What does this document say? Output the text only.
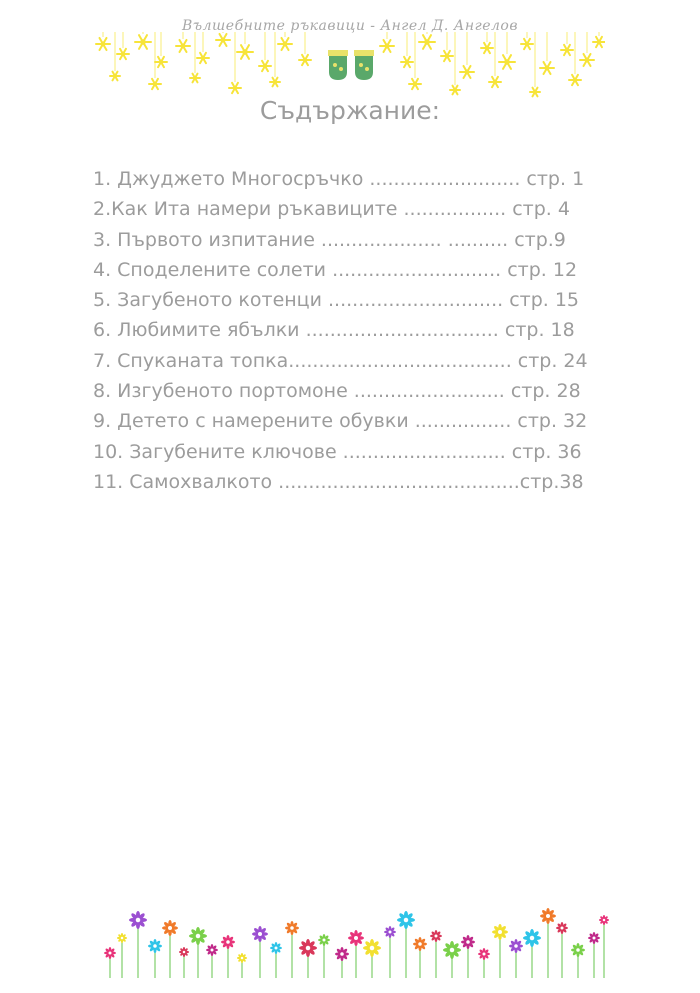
Вълшебните ръкавици - Ангел Д. Ангелов
Съдържание:
1. Джуджето Многосръчко ......................... стр. 1
2.Как Ита намери ръкавиците ................. стр. 4
3. Първото изпитание .................... .......... стр.9
4. Споделените солети ............................ стр. 12
5. Загубеното котенци ............................. стр. 15
6. Любимите ябълки ................................ стр. 18
7. Спуканата топка..................................... стр. 24
8. Изгубеното портомоне ......................... стр. 28
9. Детето с намерените обувки ................ стр. 32
10. Загубените ключове ........................... стр. 36
11. Самохвалкото ........................................стр.38
